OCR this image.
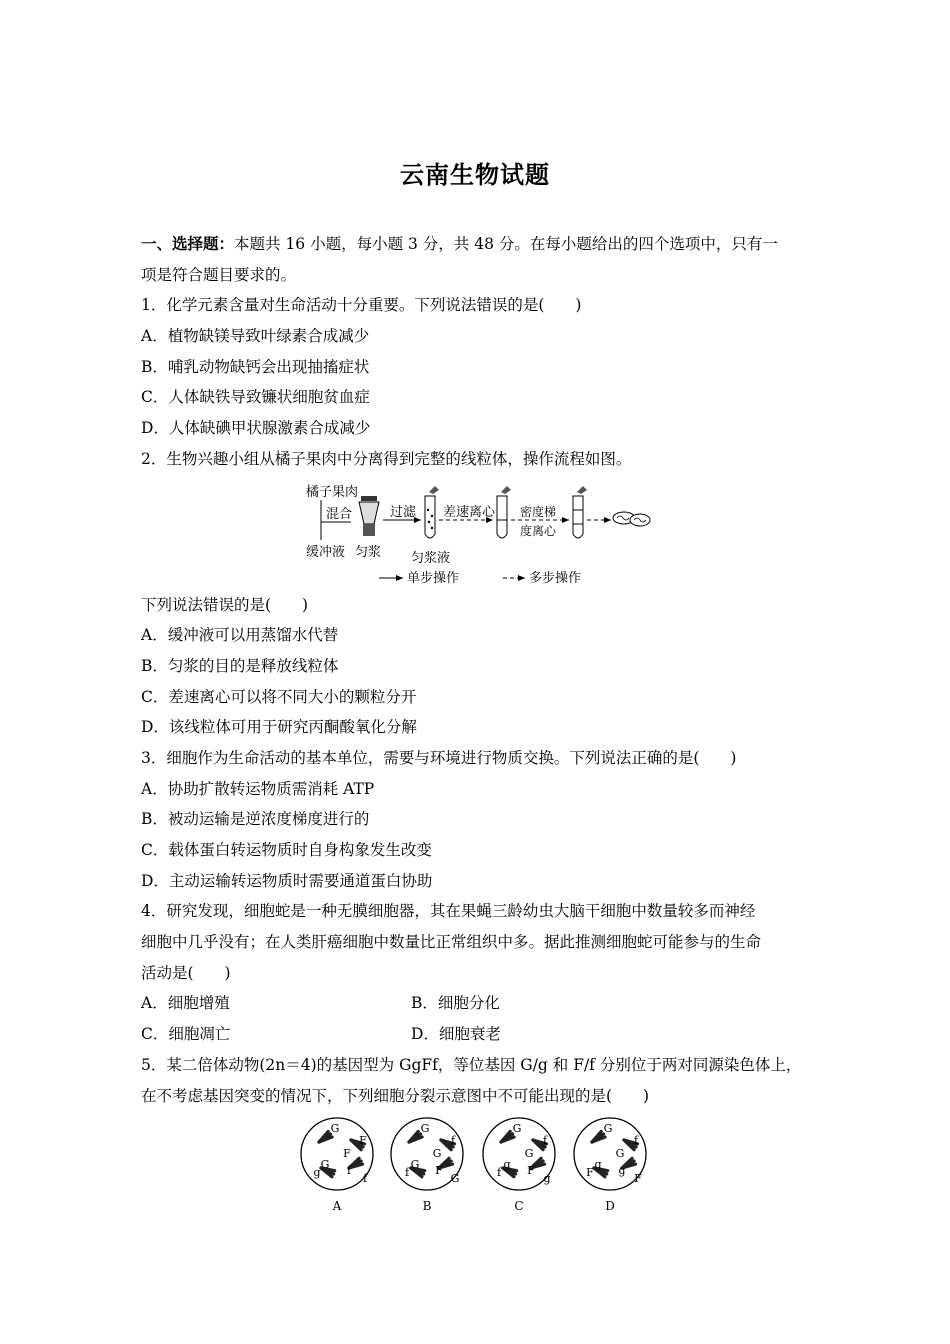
云南生物试题
一、选择题：本题共 16 小题，每小题 3 分，共 48 分。在每小题给出的四个选项中，只有一
项是符合题目要求的。
1．化学元素含量对生命活动十分重要。下列说法错误的是(　　)
A．植物缺镁导致叶绿素合成减少
B．哺乳动物缺钙会出现抽搐症状
C．人体缺铁导致镰状细胞贫血症
D．人体缺碘甲状腺激素合成减少
2．生物兴趣小组从橘子果肉中分离得到完整的线粒体，操作流程如图。
橘子果肉
混合
缓冲液 匀浆
过滤
匀浆液
差速离心 密度梯
度离心
单步操作	多步操作
下列说法错误的是(　　)
A．缓冲液可以用蒸馏水代替
B．匀浆的目的是释放线粒体
C．差速离心可以将不同大小的颗粒分开
D．该线粒体可用于研究丙酮酸氧化分解
3．细胞作为生命活动的基本单位，需要与环境进行物质交换。下列说法正确的是(　　)
A．协助扩散转运物质需消耗 ATP
B．被动运输是逆浓度梯度进行的
C．载体蛋白转运物质时自身构象发生改变
D．主动运输转运物质时需要通道蛋白协助
4．研究发现，细胞蛇是一种无膜细胞器，其在果蝇三龄幼虫大脑干细胞中数量较多而神经
细胞中几乎没有；在人类肝癌细胞中数量比正常组织中多。据此推测细胞蛇可能参与的生命
活动是(　　)
A．细胞增殖	B．细胞分化
C．细胞凋亡	D．细胞衰老
5．某二倍体动物(2n＝4)的基因型为 GgFf，等位基因 G/g 和 F/f 分别位于两对同源染色体上，
在不考虑基因突变的情况下，下列细胞分裂示意图中不可能出现的是(　　)
G
F
F
G
g f
f
A
G
f
G
G
f F
G
B
G
f
G
g
f F
g
C
G
f
G
g
F g
F
D
